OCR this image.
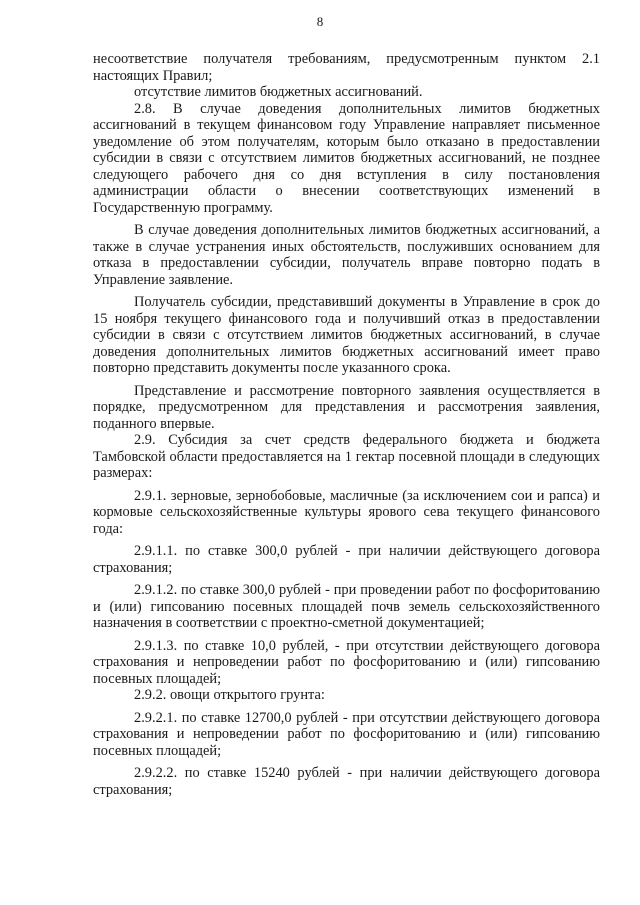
8

несоответствие получателя требованиям, предусмотренным пунктом 2.1 настоящих Правил;

отсутствие лимитов бюджетных ассигнований.

2.8. В случае доведения дополнительных лимитов бюджетных ассигнований в текущем финансовом году Управление направляет письменное уведомление об этом получателям, которым было отказано в предоставлении субсидии в связи с отсутствием лимитов бюджетных ассигнований, не позднее следующего рабочего дня со дня вступления в силу постановления администрации области о внесении соответствующих изменений в Государственную программу.

В случае доведения дополнительных лимитов бюджетных ассигнований, а также в случае устранения иных обстоятельств, послуживших основанием для отказа в предоставлении субсидии, получатель вправе повторно подать в Управление заявление.

Получатель субсидии, представивший документы в Управление в срок до 15 ноября текущего финансового года и получивший отказ в предоставлении субсидии в связи с отсутствием лимитов бюджетных ассигнований, в случае доведения дополнительных лимитов бюджетных ассигнований имеет право повторно представить документы после указанного срока.

Представление и рассмотрение повторного заявления осуществляется в порядке, предусмотренном для представления и рассмотрения заявления, поданного впервые.

2.9. Субсидия за счет средств федерального бюджета и бюджета Тамбовской области предоставляется на 1 гектар посевной площади в следующих размерах:

2.9.1. зерновые, зернобобовые, масличные (за исключением сои и рапса) и кормовые сельскохозяйственные культуры ярового сева текущего финансового года:

2.9.1.1. по ставке 300,0 рублей - при наличии действующего договора страхования;

2.9.1.2. по ставке 300,0 рублей - при проведении работ по фосфоритованию и (или) гипсованию посевных площадей почв земель сельскохозяйственного назначения в соответствии с проектно-сметной документацией;

2.9.1.3. по ставке 10,0 рублей, - при отсутствии действующего договора страхования и непроведении работ по фосфоритованию и (или) гипсованию посевных площадей;

2.9.2. овощи открытого грунта:

2.9.2.1. по ставке 12700,0 рублей - при отсутствии действующего договора страхования и непроведении работ по фосфоритованию и (или) гипсованию посевных площадей;

2.9.2.2. по ставке 15240 рублей - при наличии действующего договора страхования;
